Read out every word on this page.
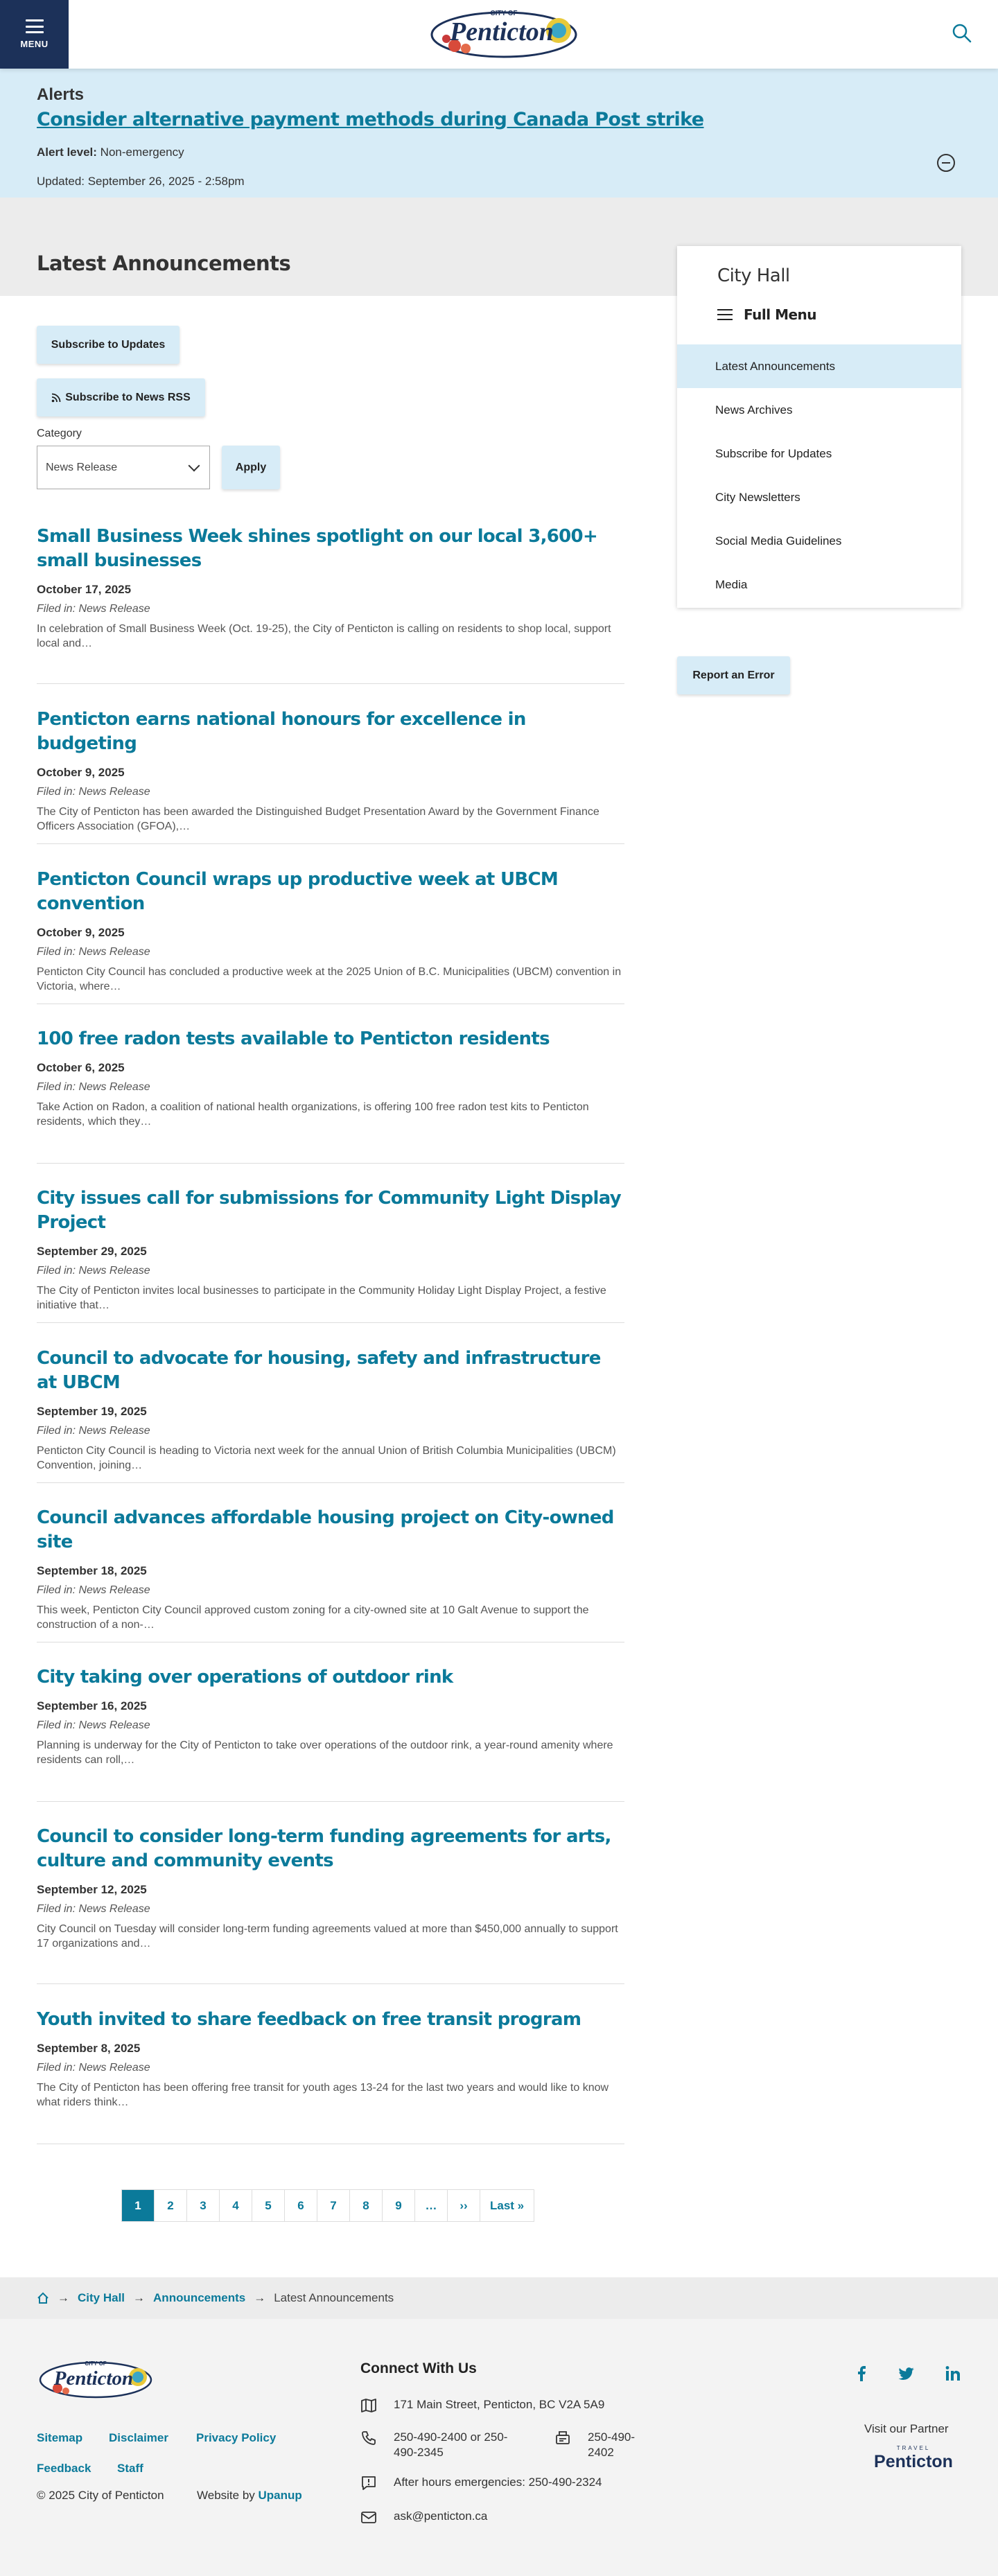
MENU
CITY OF
Penticton
Alerts
Consider alternative payment methods during Canada Post strike
Alert level: Non-emergency
Updated: September 26, 2025 - 2:58pm
Latest Announcements
Subscribe to Updates
Subscribe to News RSS
Category
News Release	Apply
Small Business Week shines spotlight on our local 3,600+ small businesses
October 17, 2025
Filed in: News Release
In celebration of Small Business Week (Oct. 19-25), the City of Penticton is calling on residents to shop local, support local and…
Penticton earns national honours for excellence in budgeting
October 9, 2025
Filed in: News Release
The City of Penticton has been awarded the Distinguished Budget Presentation Award by the Government Finance Officers Association (GFOA),…
Penticton Council wraps up productive week at UBCM convention
October 9, 2025
Filed in: News Release
Penticton City Council has concluded a productive week at the 2025 Union of B.C. Municipalities (UBCM) convention in Victoria, where…
100 free radon tests available to Penticton residents
October 6, 2025
Filed in: News Release
Take Action on Radon, a coalition of national health organizations, is offering 100 free radon test kits to Penticton residents, which they…
City issues call for submissions for Community Light Display Project
September 29, 2025
Filed in: News Release
The City of Penticton invites local businesses to participate in the Community Holiday Light Display Project, a festive initiative that…
Council to advocate for housing, safety and infrastructure at UBCM
September 19, 2025
Filed in: News Release
Penticton City Council is heading to Victoria next week for the annual Union of British Columbia Municipalities (UBCM) Convention, joining…
Council advances affordable housing project on City-owned site
September 18, 2025
Filed in: News Release
This week, Penticton City Council approved custom zoning for a city-owned site at 10 Galt Avenue to support the construction of a non-…
City taking over operations of outdoor rink
September 16, 2025
Filed in: News Release
Planning is underway for the City of Penticton to take over operations of the outdoor rink, a year-round amenity where residents can roll,…
Council to consider long-term funding agreements for arts, culture and community events
September 12, 2025
Filed in: News Release
City Council on Tuesday will consider long-term funding agreements valued at more than $450,000 annually to support 17 organizations and…
Youth invited to share feedback on free transit program
September 8, 2025
Filed in: News Release
The City of Penticton has been offering free transit for youth ages 13-24 for the last two years and would like to know what riders think…
1	2	3	4	5	6	7	8	9	…	››	Last »
City Hall
Full Menu
Latest Announcements
News Archives
Subscribe for Updates
City Newsletters
Social Media Guidelines
Media
Report an Error
→ City Hall → Announcements → Latest Announcements
CITY OF
Penticton
Sitemap Disclaimer Privacy Policy
Feedback Staff
© 2025 City of Penticton	Website by Upanup
Connect With Us
171 Main Street, Penticton, BC V2A 5A9
250-490-2400 or 250-490-2345
250-490-2402
After hours emergencies: 250-490-2324
ask@penticton.ca
Visit our Partner
TRAVEL
Penticton
